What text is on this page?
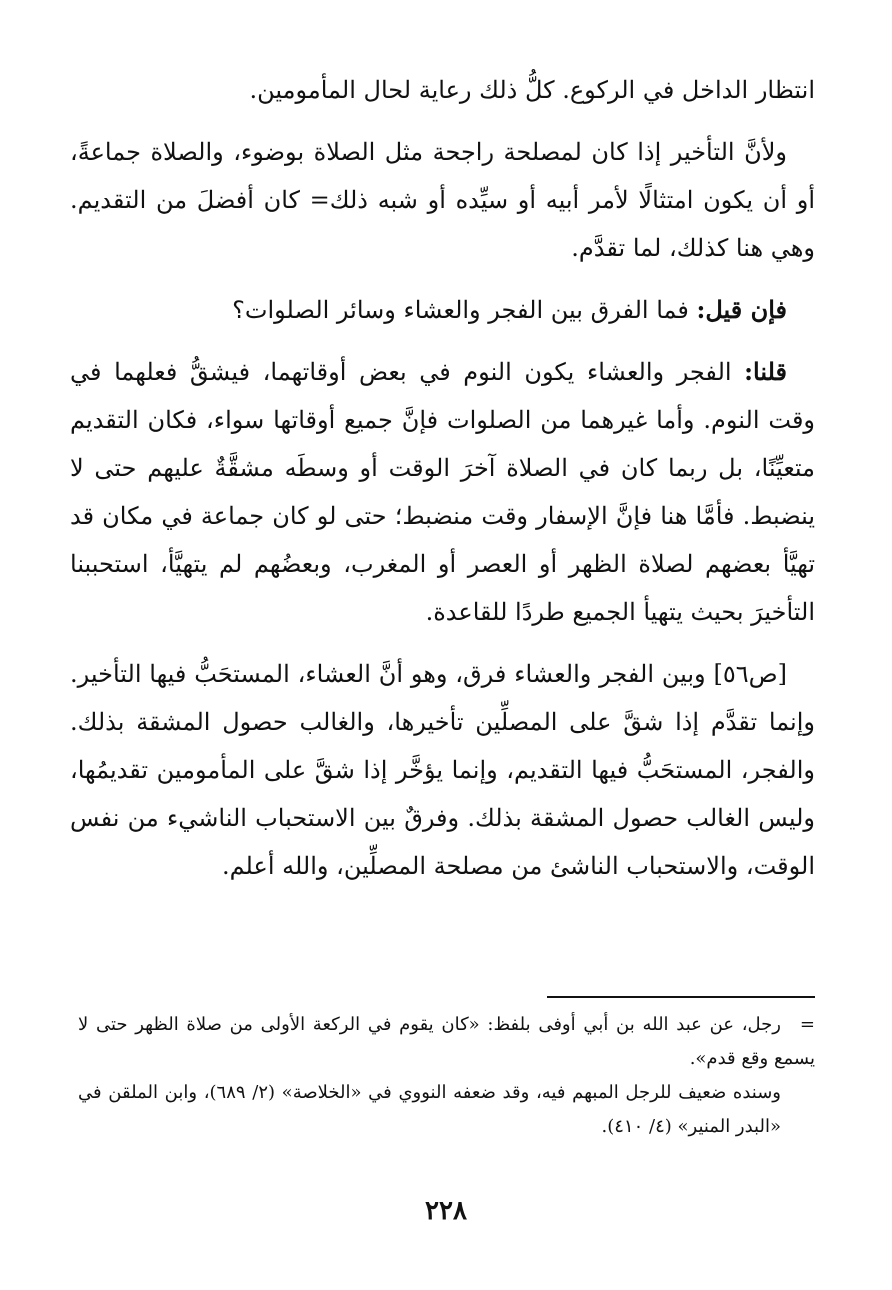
انتظار الداخل في الركوع. كلُّ ذلك رعاية لحال المأمومين.

ولأنَّ التأخير إذا كان لمصلحة راجحة مثل الصلاة بوضوء، والصلاة جماعةً، أو أن يكون امتثالًا لأمر أبيه أو سيِّده أو شبه ذلك= كان أفضلَ من التقديم. وهي هنا كذلك، لما تقدَّم.

فإن قيل: فما الفرق بين الفجر والعشاء وسائر الصلوات؟

قلنا: الفجر والعشاء يكون النوم في بعض أوقاتهما، فيشقُّ فعلهما في وقت النوم. وأما غيرهما من الصلوات فإنَّ جميع أوقاتها سواء، فكان التقديم متعيِّنًا، بل ربما كان في الصلاة آخرَ الوقت أو وسطَه مشقَّةٌ عليهم حتى لا ينضبط. فأمَّا هنا فإنَّ الإسفار وقت منضبط؛ حتى لو كان جماعة في مكان قد تهيَّأ بعضهم لصلاة الظهر أو العصر أو المغرب، وبعضُهم لم يتهيَّأ، استحببنا التأخيرَ بحيث يتهيأ الجميع طردًا للقاعدة.

[ص٥٦] وبين الفجر والعشاء فرق، وهو أنَّ العشاء، المستحَبُّ فيها التأخير. وإنما تقدَّم إذا شقَّ على المصلِّين تأخيرها، والغالب حصول المشقة بذلك. والفجر، المستحَبُّ فيها التقديم، وإنما يؤخَّر إذا شقَّ على المأمومين تقديمُها، وليس الغالب حصول المشقة بذلك. وفرقٌ بين الاستحباب الناشيء من نفس الوقت، والاستحباب الناشئ من مصلحة المصلِّين، والله أعلم.

=رجل، عن عبد الله بن أبي أوفى بلفظ: «كان يقوم في الركعة الأولى من صلاة الظهر حتى لا يسمع وقع قدم».

وسنده ضعيف للرجل المبهم فيه، وقد ضعفه النووي في «الخلاصة» (٢/ ٦٨٩)، وابن الملقن في «البدر المنير» (٤/ ٤١٠).

٢٢٨
